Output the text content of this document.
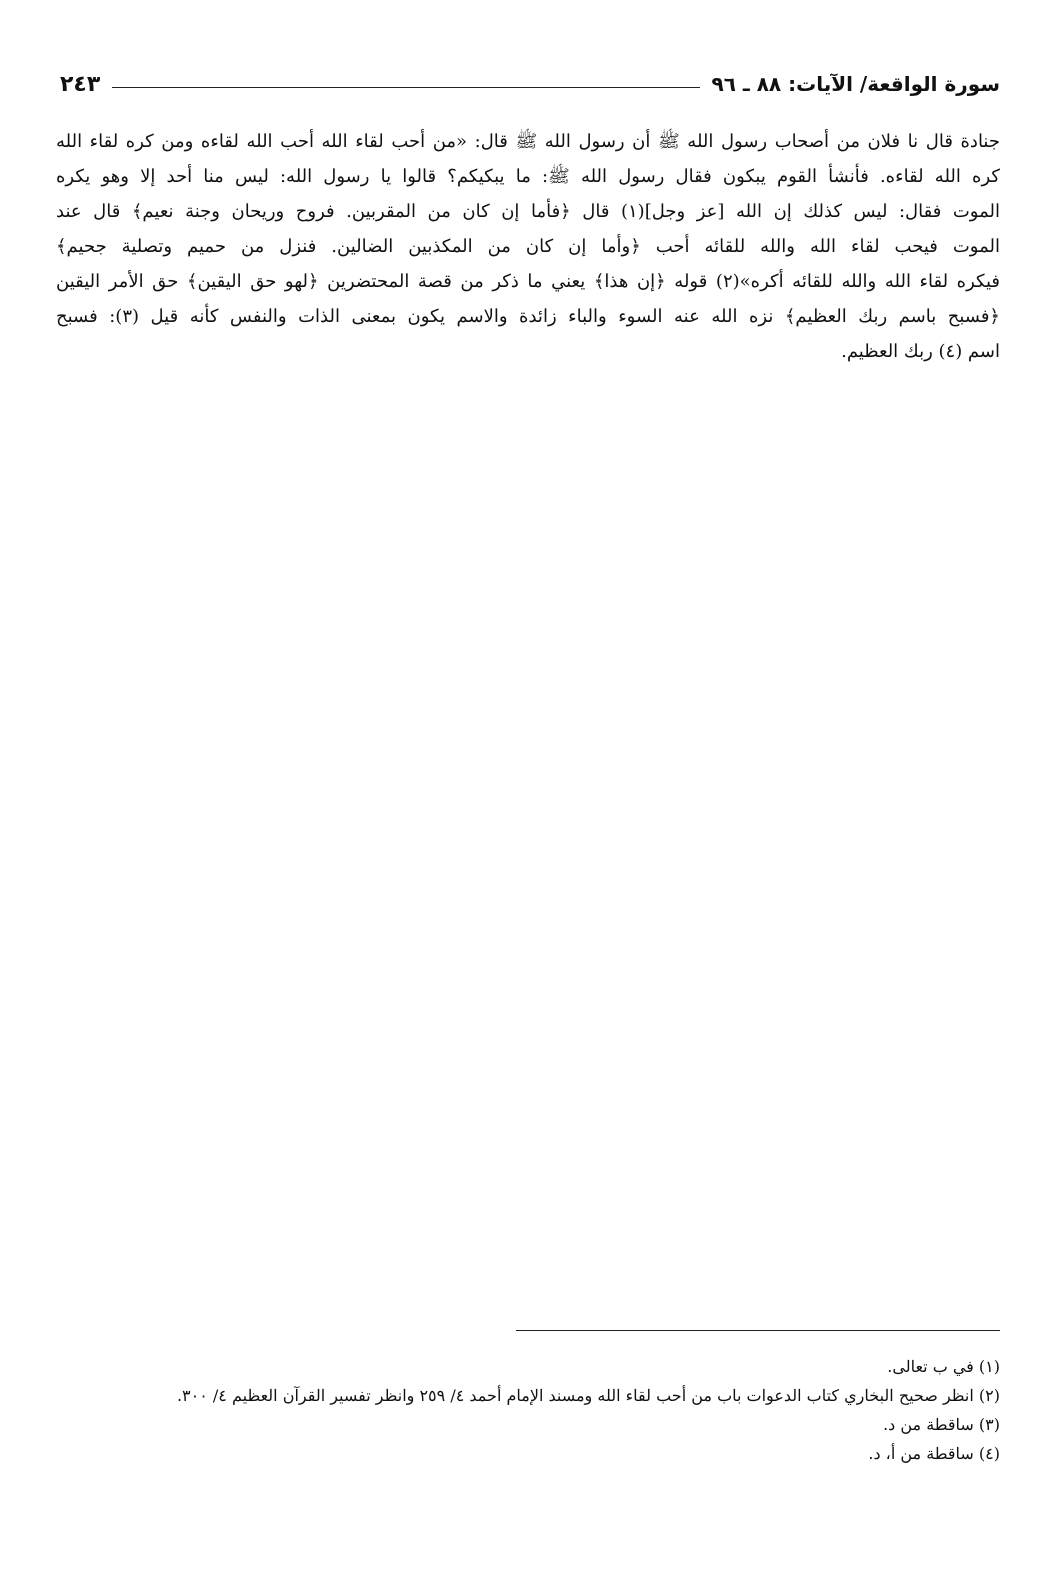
سورة الواقعة/ الآيات: ٨٨ ـ ٩٦
٢٤٣
جنادة قال نا فلان من أصحاب رسول الله ﷺ أن رسول الله ﷺ قال: «من أحب لقاء الله أحب الله لقاءه ومن كره لقاء الله
كره الله لقاءه. فأنشأ القوم يبكون فقال رسول الله ﷺ: ما يبكيكم؟ قالوا يا رسول الله: ليس منا أحد إلا وهو يكره
الموت فقال: ليس كذلك إن الله [عز وجل](١) قال ﴿فأما إن كان من المقربين. فروح وريحان وجنة نعيم﴾ قال عند
الموت فيحب لقاء الله والله للقائه أحب ﴿وأما إن كان من المكذبين الضالين. فنزل من حميم وتصلية جحيم﴾
فيكره لقاء الله والله للقائه أكره»(٢) قوله ﴿إن هذا﴾ يعني ما ذكر من قصة المحتضرين ﴿لهو حق اليقين﴾ حق الأمر اليقين
﴿فسبح باسم ربك العظيم﴾ نزه الله عنه السوء والباء زائدة والاسم يكون بمعنى الذات والنفس كأنه قيل (٣): فسبح
اسم (٤) ربك العظيم.
(١) في ب تعالى.
(٢) انظر صحيح البخاري كتاب الدعوات باب من أحب لقاء الله ومسند الإمام أحمد ٤/ ٢٥٩ وانظر تفسير القرآن العظيم ٤/ ٣٠٠.
(٣) ساقطة من د.
(٤) ساقطة من أ، د.
